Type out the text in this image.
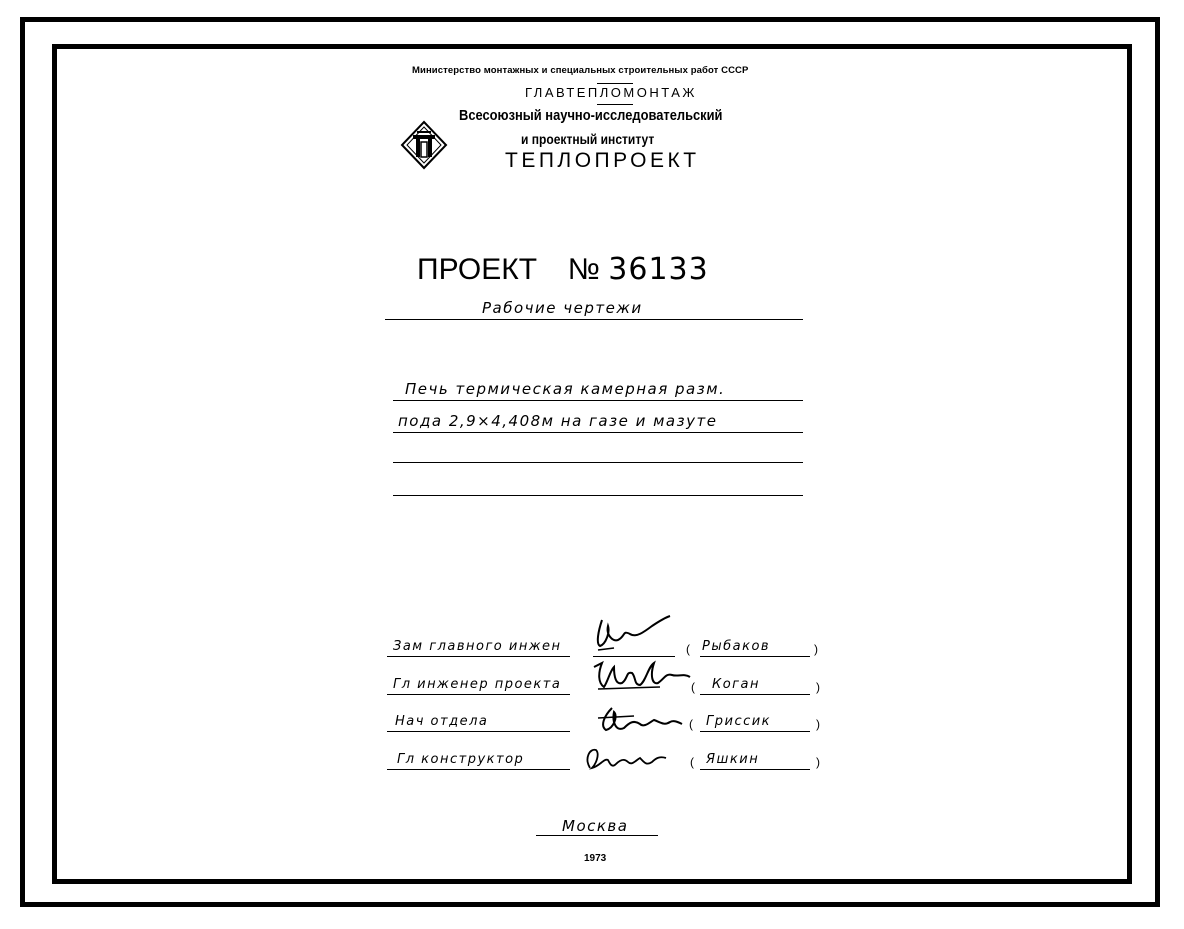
Министерство монтажных и специальных строительных работ СССР
ГЛАВТЕПЛОМОНТАЖ
Всесоюзный научно-исследовательский
и проектный институт
ТЕПЛОПРОЕКТ
ПРОЕКТ № 36133
Рабочие чертежи
Печь термическая камерная разм.
пода 2,9×4,408м на газе и мазуте
Зам главного инжен	( Рыбаков	)
Гл инженер проекта	( Коган	)
Нач отдела	( Гриссик	)
Гл конструктор	( Яшкин	)
Москва
1973
